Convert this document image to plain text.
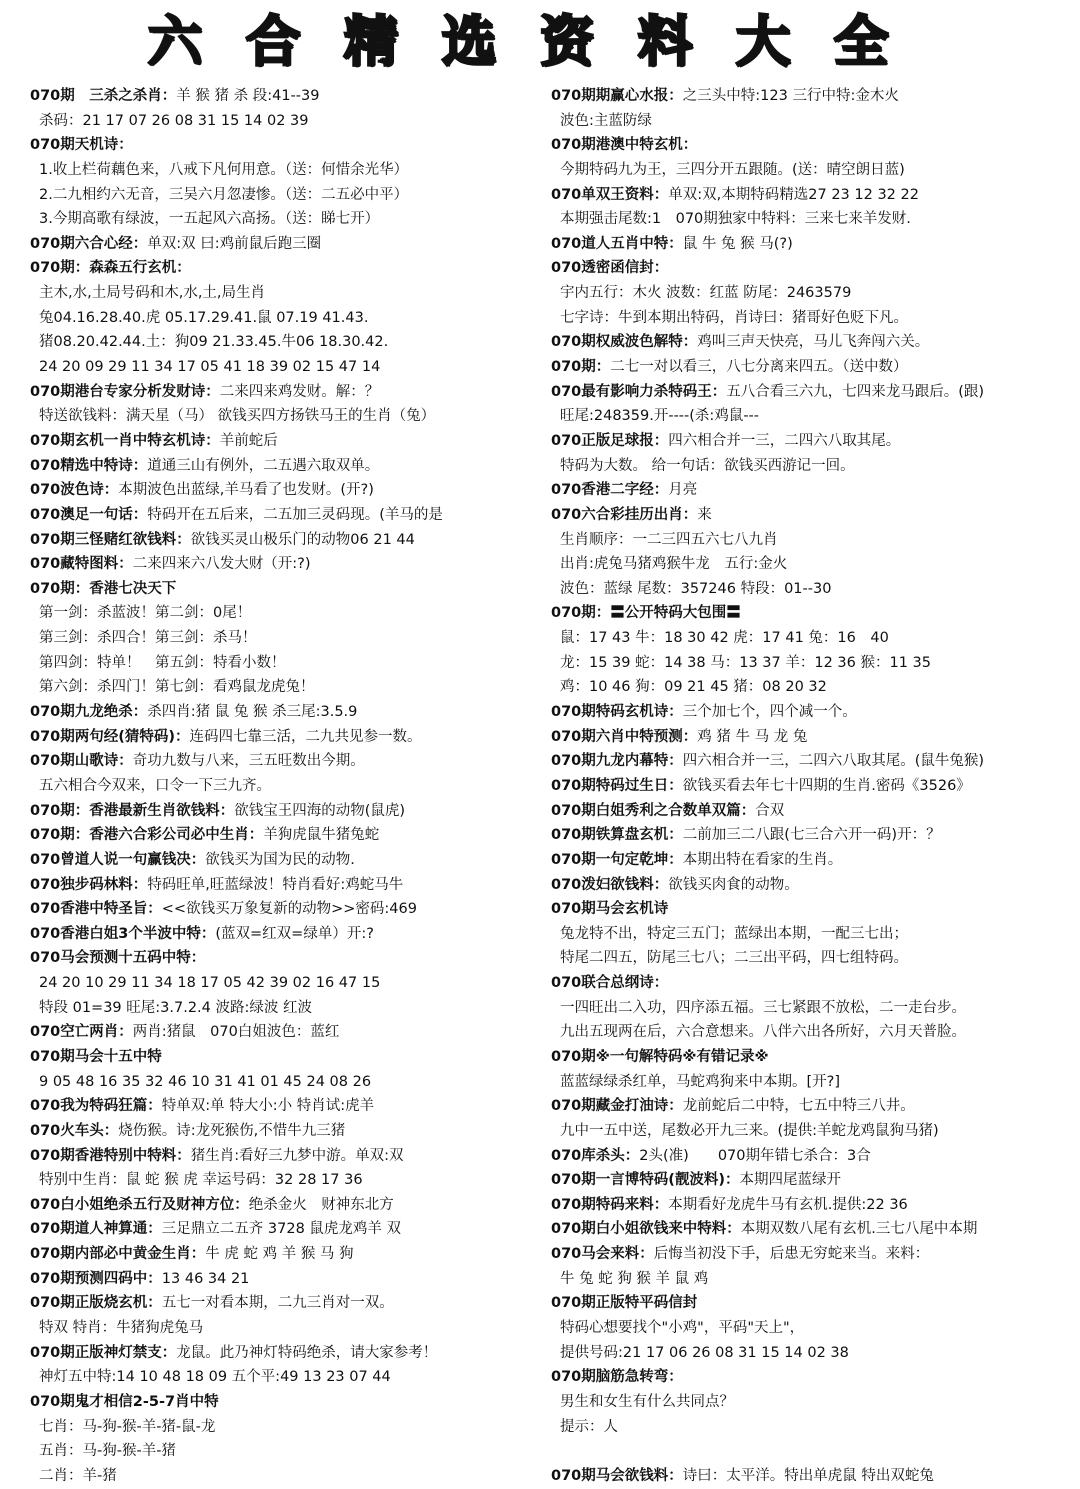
六合精选资料大全
070期　三杀之杀肖：羊 猴 猪 杀 段:41--39
杀码：21 17 07 26 08 31 15 14 02 39
070期天机诗：
1.收上栏荷藕色来，八戒下凡何用意。（送：何惜余光华）
2.二九相约六无音，三吴六月忽凄惨。（送：二五必中平）
3.今期高歌有绿波，一五起风六高扬。（送：睇七开）
070期六合心经：单双:双 曰:鸡前鼠后跑三圈
070期：森森五行玄机：
主木,水,土局号码和木,水,土,局生肖
兔04.16.28.40.虎 05.17.29.41.鼠 07.19 41.43.
猪08.20.42.44.土：狗09 21.33.45.牛06 18.30.42.
24 20 09 29 11 34 17 05 41 18 39 02 15 47 14
070期港台专家分析发财诗：二来四来鸡发财。解：？
特送欲钱料：满天星（马） 欲钱买四方扬铁马王的生肖（兔）
070期玄机一肖中特玄机诗：羊前蛇后
070精选中特诗：道通三山有例外，二五遇六取双单。
070波色诗：本期波色出蓝绿,羊马看了也发财。(开?)
070澳足一句话：特码开在五后来，二五加三灵码现。(羊马的是
070期三怪赌红欲钱料：欲钱买灵山极乐门的动物06 21 44
070藏特图料：二来四来六八发大财（开:?)
070期：香港七决天下
第一剑：杀蓝波！第二剑：0尾！
第三剑：杀四合！第三剑：杀马！
第四剑：特单！　第五剑：特看小数！
第六剑：杀四门！第七剑：看鸡鼠龙虎兔！
070期九龙绝杀：杀四肖:猪 鼠 兔 猴 杀三尾:3.5.9
070期两句经(猜特码)：连码四七靠三活，二九共见参一数。
070期山歌诗：奇功九数与八来，三五旺数出今期。
五六相合今双来，口令一下三九齐。
070期：香港最新生肖欲钱料：欲钱宝王四海的动物(鼠虎)
070期：香港六合彩公司必中生肖：羊狗虎鼠牛猪兔蛇
070曾道人说一句赢钱决：欲钱买为国为民的动物.
070独步码林料：特码旺单,旺蓝绿波！特肖看好:鸡蛇马牛
070香港中特圣旨：<<欲钱买万象复新的动物>>密码:469
070香港白姐3个半波中特：(蓝双=红双=绿单）开:?
070马会预测十五码中特：
24 20 10 29 11 34 18 17 05 42 39 02 16 47 15
特段 01=39 旺尾:3.7.2.4 波路:绿波 红波
070空亡两肖：两肖:猪鼠　070白姐波色：蓝红
070期马会十五中特
9 05 48 16 35 32 46 10 31 41 01 45 24 08 26
070我为特码狂篇：特单双:单 特大小:小 特肖试:虎羊
070火车头：烧伤猴。诗:龙死猴伤,不惜牛九三猪
070期香港特别中特料：猪生肖:看好三九梦中游。单双:双
特别中生肖：鼠 蛇 猴 虎 幸运号码：32 28 17 36
070白小姐绝杀五行及财神方位：绝杀金火　财神东北方
070期道人神算通：三足鼎立二五齐 3728 鼠虎龙鸡羊 双
070期内部必中黄金生肖：牛 虎 蛇 鸡 羊 猴 马 狗
070期预测四码中：13 46 34 21
070期正版烧玄机：五七一对看本期，二九三肖对一双。
特双 特肖：牛猪狗虎兔马
070期正版神灯禁支：龙鼠。此乃神灯特码绝杀，请大家参考！
神灯五中特:14 10 48 18 09 五个平:49 13 23 07 44
070期鬼才相信2-5-7肖中特
七肖：马-狗-猴-羊-猪-鼠-龙
五肖：马-狗-猴-羊-猪
二肖：羊-猪
070期期赢心水报：之三头中特:123 三行中特:金木火
波色:主蓝防绿
070期港澳中特玄机：
今期特码九为王，三四分开五跟随。(送：晴空朗日蓝)
070单双王资料：单双:双,本期特码精选27 23 12 32 22
本期强击尾数:1　070期独家中特料：三来七来羊发财.
070道人五肖中特：鼠 牛 兔 猴 马(?)
070透密函信封：
宇内五行：木火 波数：红蓝 防尾：2463579
七字诗：牛到本期出特码，肖诗曰：猪哥好色贬下凡。
070期权威波色解特：鸡叫三声天快亮，马儿飞奔闯六关。
070期：二七一对以看三，八七分离来四五。（送中数）
070最有影响力杀特码王：五八合看三六九，七四来龙马跟后。(跟)
旺尾:248359.开----(杀:鸡鼠---
070正版足球报：四六相合并一三，二四六八取其尾。
特码为大数。 给一句话：欲钱买西游记一回。
070香港二字经：月亮
070六合彩挂历出肖：来
生肖顺序：一二三四五六七八九肖
出肖:虎兔马猪鸡猴牛龙　五行:金火
波色：蓝绿 尾数：357246 特段：01--30
070期：〓公开特码大包围〓
鼠：17 43 牛：18 30 42 虎：17 41 兔：16　40
龙：15 39 蛇：14 38 马：13 37 羊：12 36 猴：11 35
鸡：10 46 狗：09 21 45 猪：08 20 32
070期特码玄机诗：三个加七个，四个减一个。
070期六肖中特预测：鸡 猪 牛 马 龙 兔
070期九龙内幕特：四六相合并一三，二四六八取其尾。(鼠牛兔猴)
070期特码过生日：欲钱买看去年七十四期的生肖.密码《3526》
070期白姐秀利之合数单双篇：合双
070期铁算盘玄机：二前加三二八跟(七三合六开一码)开：？
070期一句定乾坤：本期出特在看家的生肖。
070泼妇欲钱料：欲钱买肉食的动物。
070期马会玄机诗
兔龙特不出，特定三五门；蓝绿出本期，一配三七出；
特尾二四五，防尾三七八；二三出平码，四七组特码。
070联合总纲诗：
一四旺出二入功，四序添五福。三七紧跟不放松，二一走台步。
九出五现两在后，六合意想来。八伴六出各所好，六月天普脸。
070期※一句解特码※有错记录※
蓝蓝绿绿杀红单，马蛇鸡狗来中本期。[开?]
070期藏金打油诗：龙前蛇后二中特，七五中特三八井。
九中一五中送，尾数必开九三来。(提供:羊蛇龙鸡鼠狗马猪)
070库杀头：2头(准)　　070期年错七杀合：3合
070期一言博特码(靓波料)：本期四尾蓝绿开
070期特码来料：本期看好龙虎牛马有玄机.提供:22 36
070期白小姐欲钱来中特料：本期双数八尾有玄机.三七八尾中本期
070马会来料：后悔当初没下手，后患无穷蛇来当。来料：
牛 兔 蛇 狗 猴 羊 鼠 鸡
070期正版特平码信封
特码心想要找个"小鸡"，平码"天上"，
提供号码:21 17 06 26 08 31 15 14 02 38
070期脑筋急转弯：
男生和女生有什么共同点？
提示：人
070期马会欲钱料：诗曰：太平洋。特出单虎鼠 特出双蛇兔
